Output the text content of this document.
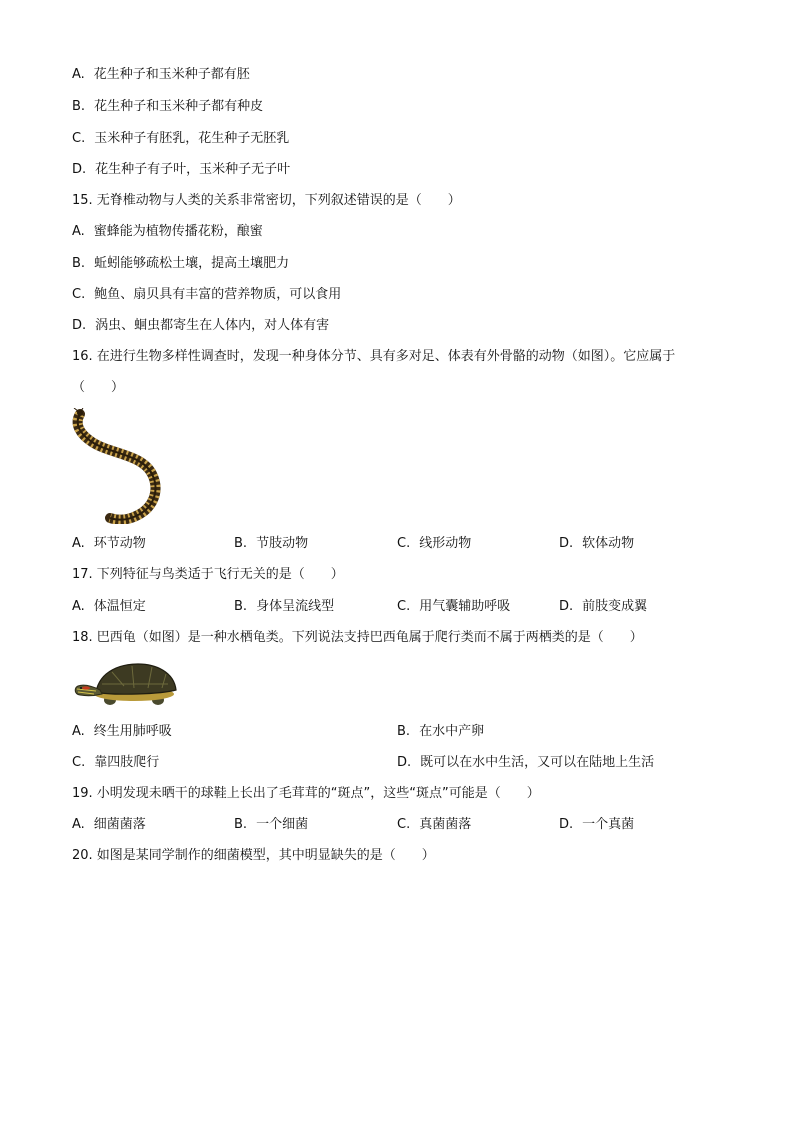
A. 花生种子和玉米种子都有胚
B. 花生种子和玉米种子都有种皮
C. 玉米种子有胚乳，花生种子无胚乳
D. 花生种子有子叶，玉米种子无子叶
15. 无脊椎动物与人类的关系非常密切，下列叙述错误的是（　　）
A. 蜜蜂能为植物传播花粉，酿蜜
B. 蚯蚓能够疏松土壤，提高土壤肥力
C. 鲍鱼、扇贝具有丰富的营养物质，可以食用
D. 涡虫、蛔虫都寄生在人体内，对人体有害
16. 在进行生物多样性调查时，发现一种身体分节、具有多对足、体表有外骨骼的动物（如图）。它应属于
（　　）
A. 环节动物	B. 节肢动物	C. 线形动物	D. 软体动物
17. 下列特征与鸟类适于飞行无关的是（　　）
A. 体温恒定	B. 身体呈流线型	C. 用气囊辅助呼吸	D. 前肢变成翼
18. 巴西龟（如图）是一种水栖龟类。下列说法支持巴西龟属于爬行类而不属于两栖类的是（　　）
A. 终生用肺呼吸	B. 在水中产卵
C. 靠四肢爬行	D. 既可以在水中生活，又可以在陆地上生活
19. 小明发现未晒干的球鞋上长出了毛茸茸的“斑点”，这些“斑点”可能是（　　）
A. 细菌菌落	B. 一个细菌	C. 真菌菌落	D. 一个真菌
20. 如图是某同学制作的细菌模型，其中明显缺失的是（　　）
